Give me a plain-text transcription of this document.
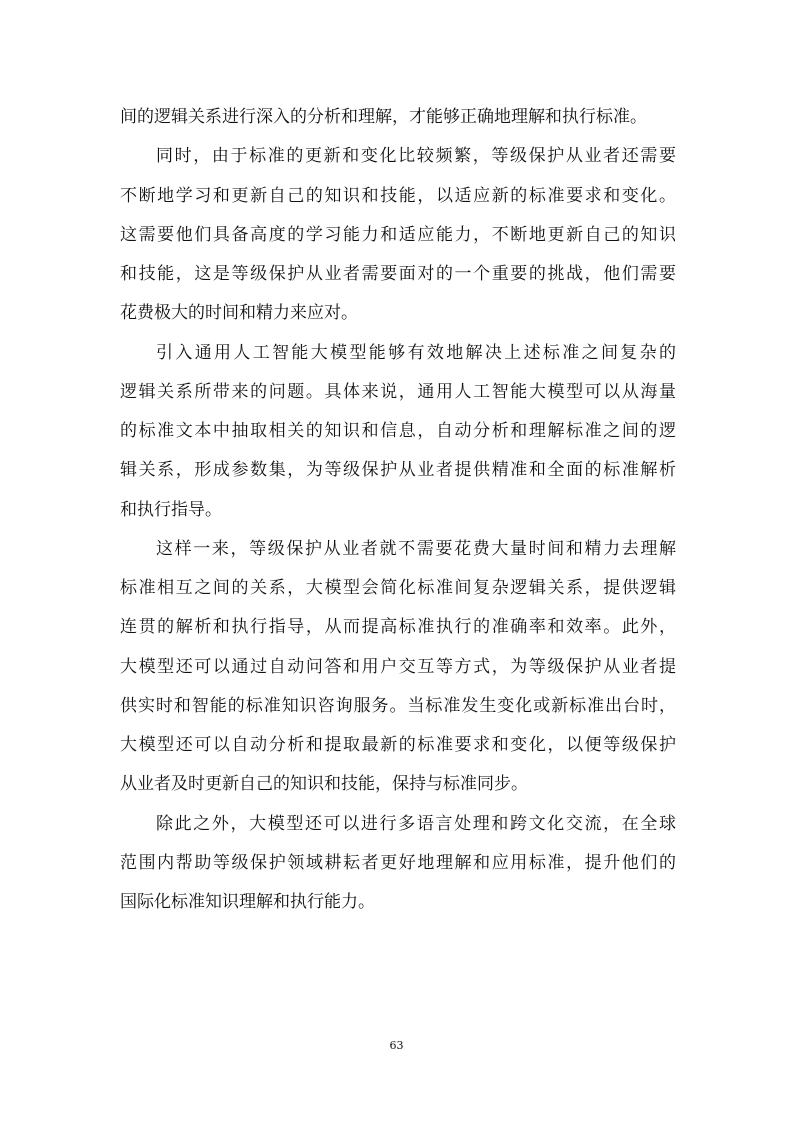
间的逻辑关系进行深入的分析和理解，才能够正确地理解和执行标准。
同时，由于标准的更新和变化比较频繁，等级保护从业者还需要
不断地学习和更新自己的知识和技能，以适应新的标准要求和变化。
这需要他们具备高度的学习能力和适应能力，不断地更新自己的知识
和技能，这是等级保护从业者需要面对的一个重要的挑战，他们需要
花费极大的时间和精力来应对。
引入通用人工智能大模型能够有效地解决上述标准之间复杂的
逻辑关系所带来的问题。具体来说，通用人工智能大模型可以从海量
的标准文本中抽取相关的知识和信息，自动分析和理解标准之间的逻
辑关系，形成参数集，为等级保护从业者提供精准和全面的标准解析
和执行指导。
这样一来，等级保护从业者就不需要花费大量时间和精力去理解
标准相互之间的关系，大模型会简化标准间复杂逻辑关系，提供逻辑
连贯的解析和执行指导，从而提高标准执行的准确率和效率。此外，
大模型还可以通过自动问答和用户交互等方式，为等级保护从业者提
供实时和智能的标准知识咨询服务。当标准发生变化或新标准出台时，
大模型还可以自动分析和提取最新的标准要求和变化，以便等级保护
从业者及时更新自己的知识和技能，保持与标准同步。
除此之外，大模型还可以进行多语言处理和跨文化交流，在全球
范围内帮助等级保护领域耕耘者更好地理解和应用标准，提升他们的
国际化标准知识理解和执行能力。
63
